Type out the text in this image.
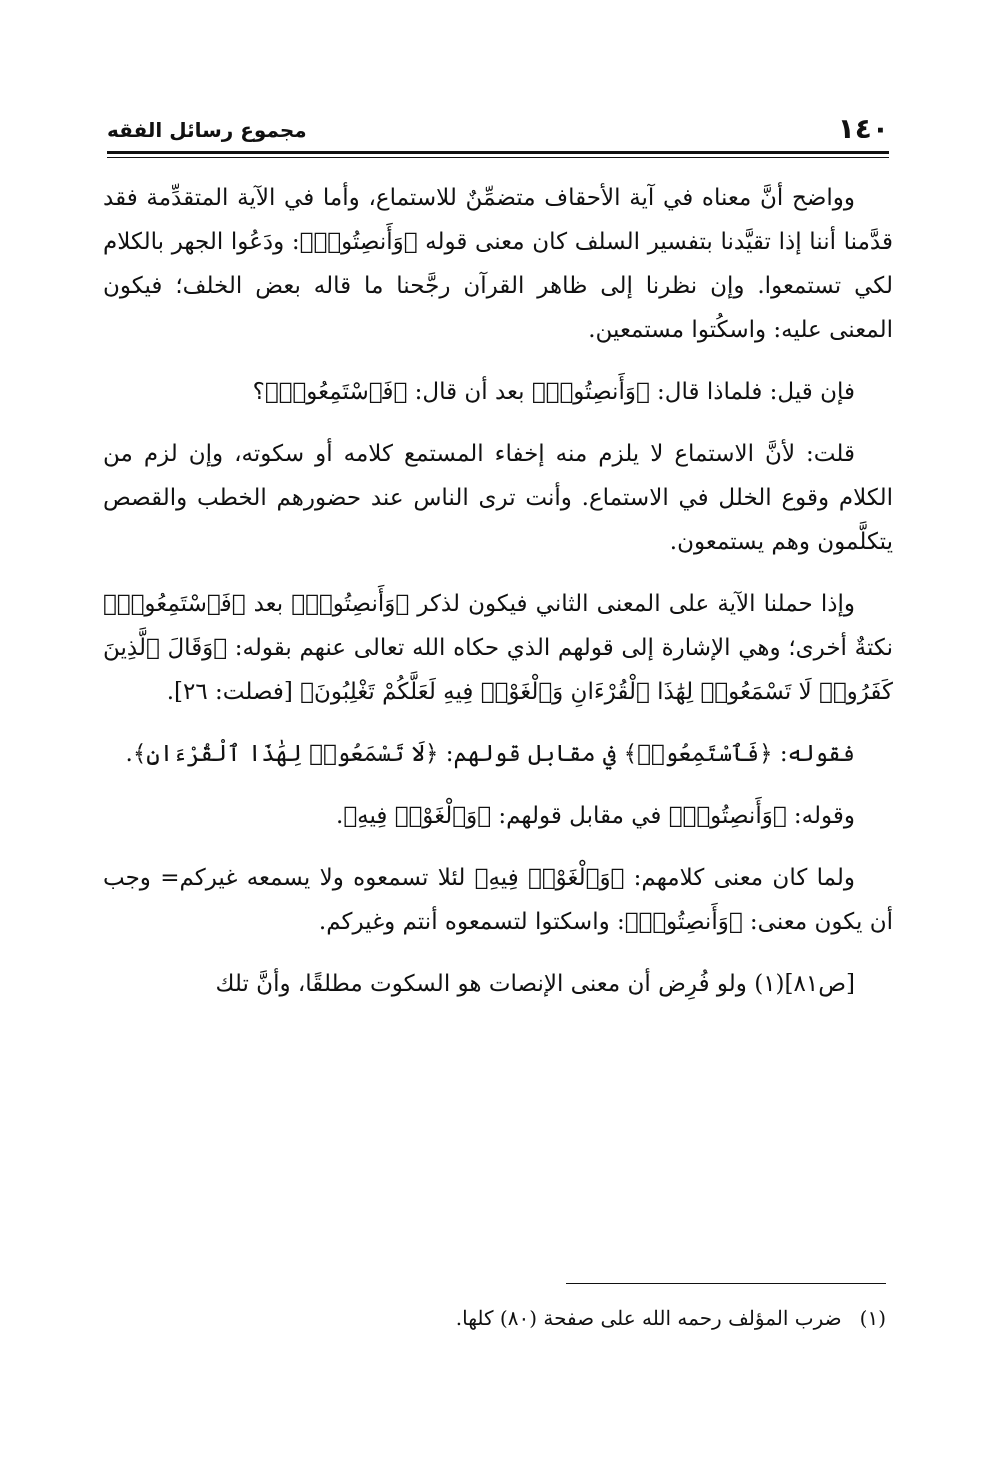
١٤٠
مجموع رسائل الفقه

وواضح أنَّ معناه في آية الأحقاف متضمِّنٌ للاستماع، وأما في الآية المتقدِّمة فقد قدَّمنا أننا إذا تقيَّدنا بتفسير السلف كان معنى قوله ﴿وَأَنصِتُوا۟﴾: ودَعُوا الجهر بالكلام لكي تستمعوا. وإن نظرنا إلى ظاهر القرآن رجَّحنا ما قاله بعض الخلف؛ فيكون المعنى عليه: واسكُتوا مستمعين.

فإن قيل: فلماذا قال: ﴿وَأَنصِتُوا۟﴾ بعد أن قال: ﴿فَٱسْتَمِعُوا۟﴾؟

قلت: لأنَّ الاستماع لا يلزم منه إخفاء المستمع كلامه أو سكوته، وإن لزم من الكلام وقوع الخلل في الاستماع. وأنت ترى الناس عند حضورهم الخطب والقصص يتكلَّمون وهم يستمعون.

وإذا حملنا الآية على المعنى الثاني فيكون لذكر ﴿وَأَنصِتُوا۟﴾ بعد ﴿فَٱسْتَمِعُوا۟﴾ نكتةٌ أخرى؛ وهي الإشارة إلى قولهم الذي حكاه الله تعالى عنهم بقوله: ﴿وَقَالَ ٱلَّذِينَ كَفَرُوا۟ لَا تَسْمَعُوا۟ لِهَٰذَا ٱلْقُرْءَانِ وَٱلْغَوْا۟ فِيهِ لَعَلَّكُمْ تَغْلِبُونَ﴾ [فصلت: ٢٦].

فقوله: ﴿فَٱسْتَمِعُوا۟﴾ في مقابل قولهم: ﴿لَا تَسْمَعُوا۟ لِهَٰذَا ٱلْقُرْءَانِ﴾.

وقوله: ﴿وَأَنصِتُوا۟﴾ في مقابل قولهم: ﴿وَٱلْغَوْا۟ فِيهِ﴾.

ولما كان معنى كلامهم: ﴿وَٱلْغَوْا۟ فِيهِ﴾ لئلا تسمعوه ولا يسمعه غيركم= وجب أن يكون معنى: ﴿وَأَنصِتُوا۟﴾: واسكتوا لتسمعوه أنتم وغيركم.

[ص٨١](١) ولو فُرِض أن معنى الإنصات هو السكوت مطلقًا، وأنَّ تلك

(١)ضرب المؤلف رحمه الله على صفحة (٨٠) كلها.
